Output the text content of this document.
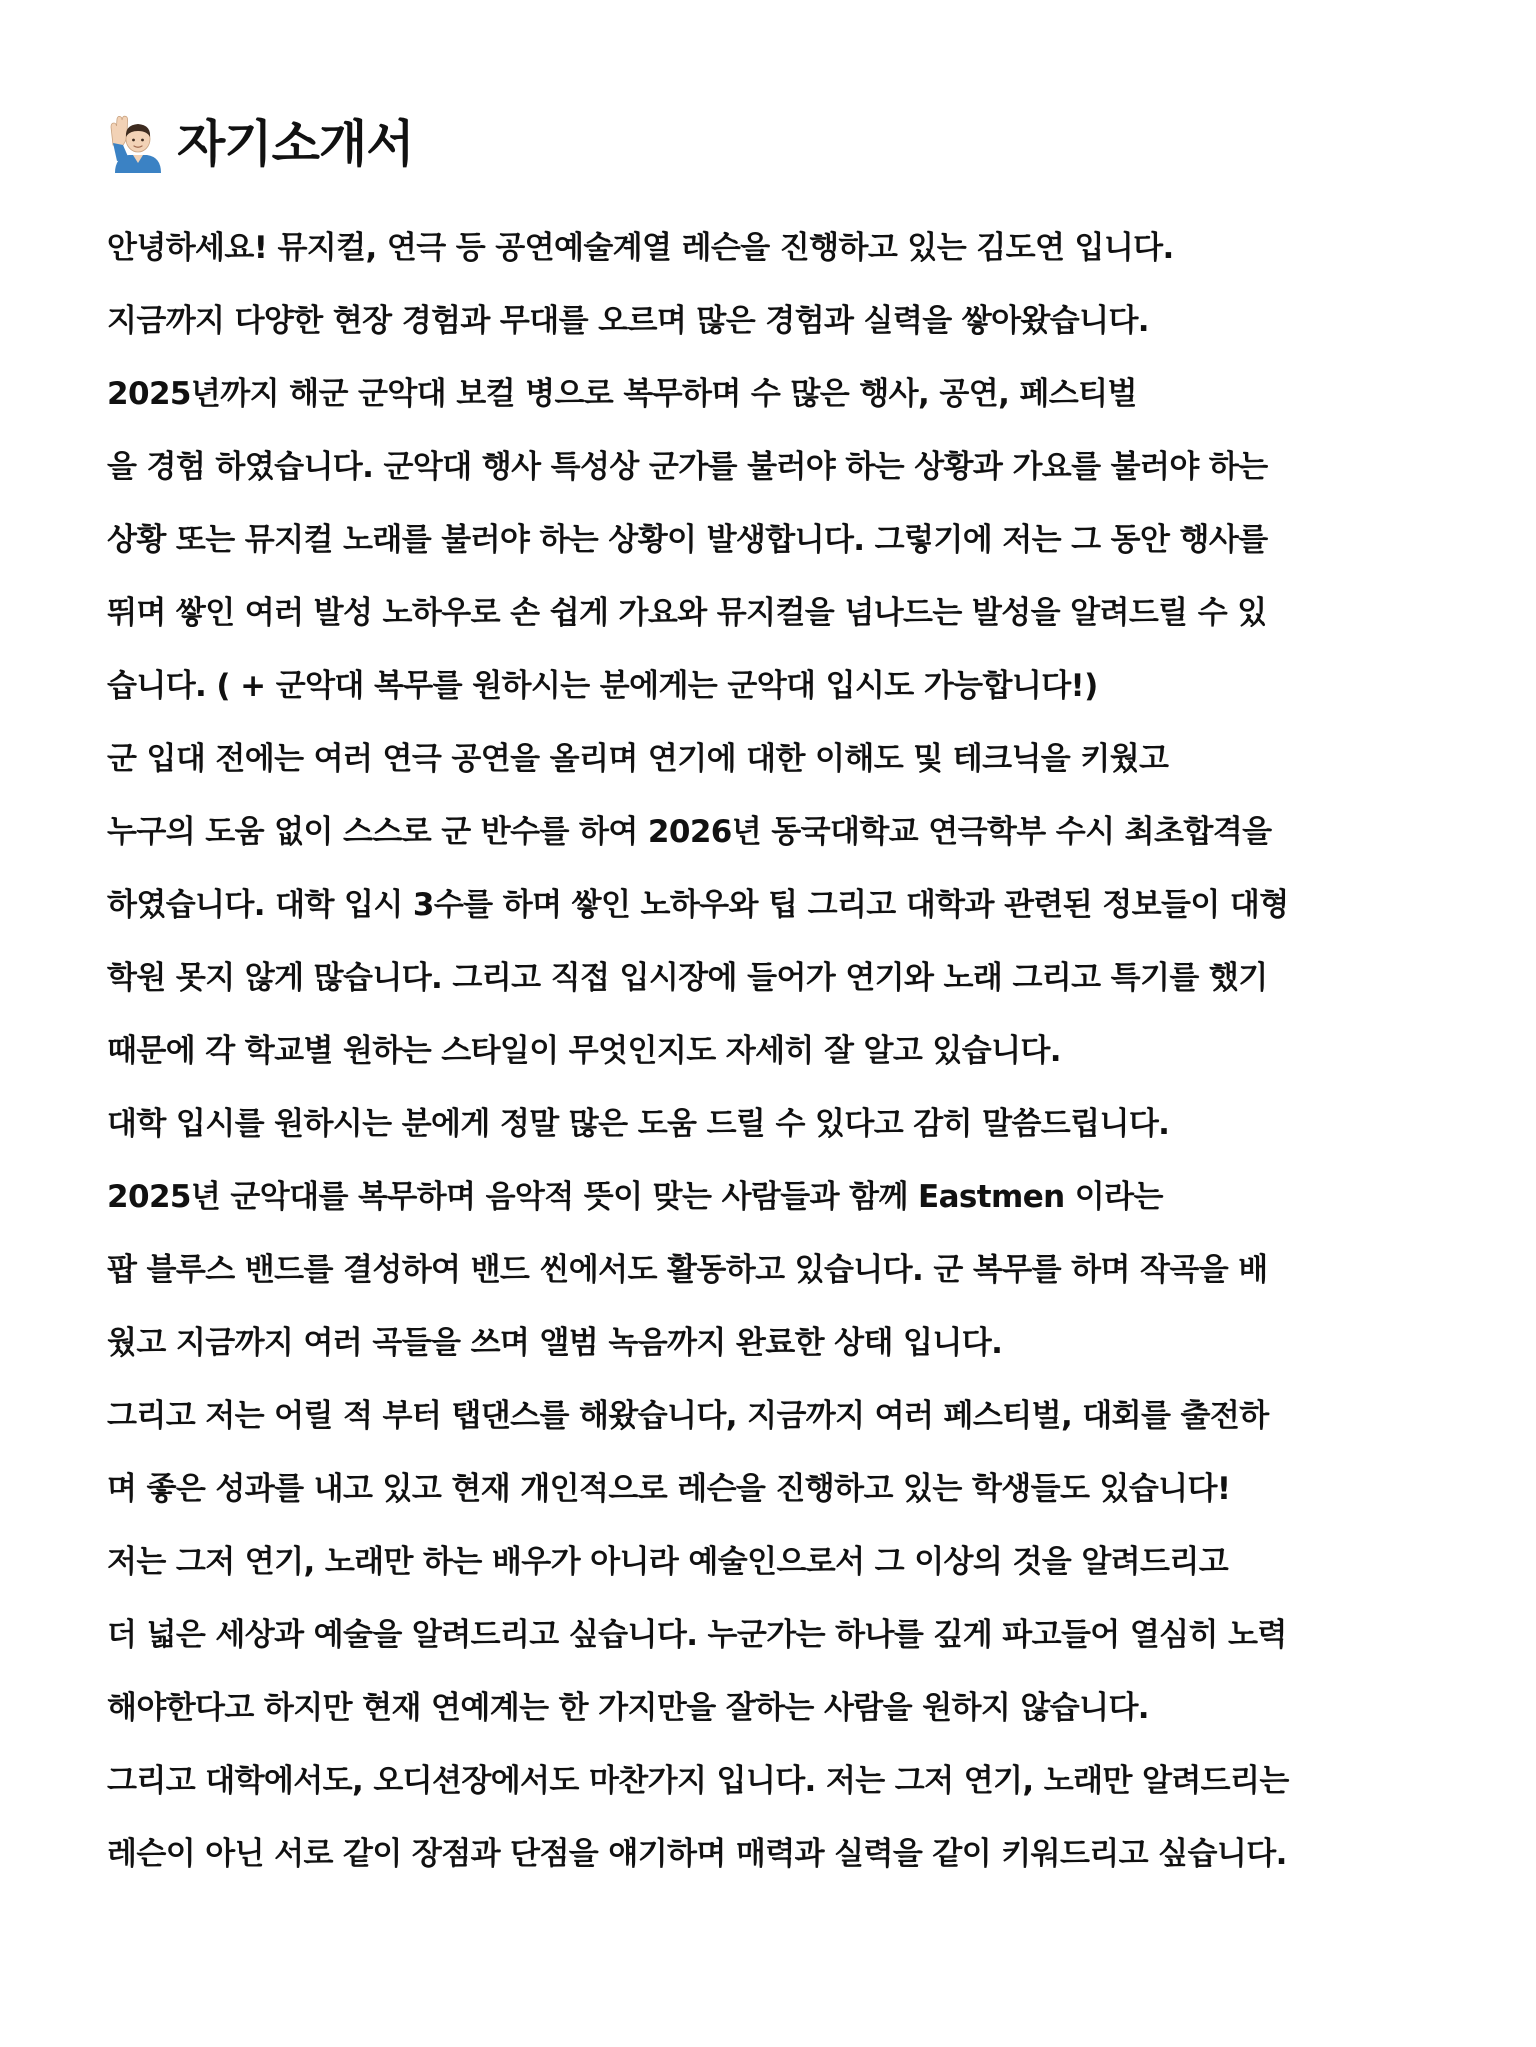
자기소개서
안녕하세요! 뮤지컬, 연극 등 공연예술계열 레슨을 진행하고 있는 김도연 입니다.
지금까지 다양한 현장 경험과 무대를 오르며 많은 경험과 실력을 쌓아왔습니다.
2025년까지 해군 군악대 보컬 병으로 복무하며 수 많은 행사, 공연, 페스티벌
을 경험 하였습니다. 군악대 행사 특성상 군가를 불러야 하는 상황과 가요를 불러야 하는
상황 또는 뮤지컬 노래를 불러야 하는 상황이 발생합니다. 그렇기에 저는 그 동안 행사를
뛰며 쌓인 여러 발성 노하우로 손 쉽게 가요와 뮤지컬을 넘나드는 발성을 알려드릴 수 있
습니다. ( + 군악대 복무를 원하시는 분에게는 군악대 입시도 가능합니다!)
군 입대 전에는 여러 연극 공연을 올리며 연기에 대한 이해도 및 테크닉을 키웠고
누구의 도움 없이 스스로 군 반수를 하여 2026년 동국대학교 연극학부 수시 최초합격을
하였습니다. 대학 입시 3수를 하며 쌓인 노하우와 팁 그리고 대학과 관련된 정보들이 대형
학원 못지 않게 많습니다. 그리고 직접 입시장에 들어가 연기와 노래 그리고 특기를 했기
때문에 각 학교별 원하는 스타일이 무엇인지도 자세히 잘 알고 있습니다.
대학 입시를 원하시는 분에게 정말 많은 도움 드릴 수 있다고 감히 말씀드립니다.
2025년 군악대를 복무하며 음악적 뜻이 맞는 사람들과 함께 Eastmen 이라는
팝 블루스 밴드를 결성하여 밴드 씬에서도 활동하고 있습니다. 군 복무를 하며 작곡을 배
웠고 지금까지 여러 곡들을 쓰며 앨범 녹음까지 완료한 상태 입니다.
그리고 저는 어릴 적 부터 탭댄스를 해왔습니다, 지금까지 여러 페스티벌, 대회를 출전하
며 좋은 성과를 내고 있고 현재 개인적으로 레슨을 진행하고 있는 학생들도 있습니다!
저는 그저 연기, 노래만 하는 배우가 아니라 예술인으로서 그 이상의 것을 알려드리고
더 넓은 세상과 예술을 알려드리고 싶습니다. 누군가는 하나를 깊게 파고들어 열심히 노력
해야한다고 하지만 현재 연예계는 한 가지만을 잘하는 사람을 원하지 않습니다.
그리고 대학에서도, 오디션장에서도 마찬가지 입니다. 저는 그저 연기, 노래만 알려드리는
레슨이 아닌 서로 같이 장점과 단점을 얘기하며 매력과 실력을 같이 키워드리고 싶습니다.
